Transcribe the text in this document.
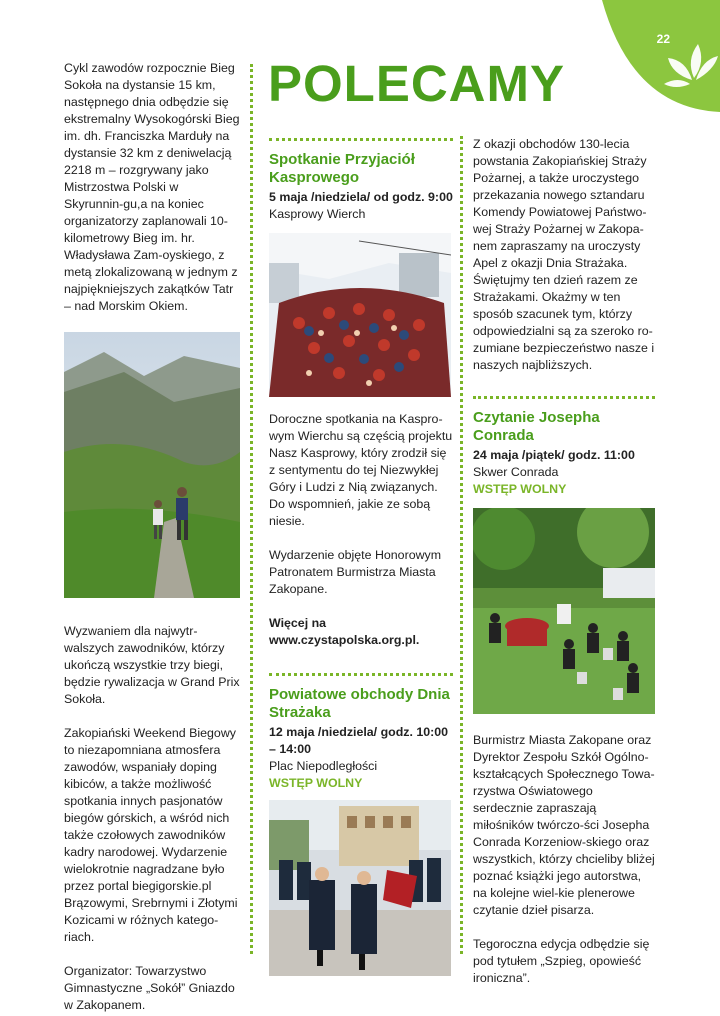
22
POLECAMY

Cykl zawodów rozpocznie Bieg Sokoła na dystansie 15 km, następnego dnia odbędzie się ekstremalny Wysokogórski Bieg im. dh. Franciszka Marduły na dystansie 32 km z deniwelacją 2218 m – rozgrywany jako Mistrzostwa Polski w Skyrunnin-gu,a na koniec organizatorzy zaplanowali 10-kilometrowy Bieg im. hr. Władysława Zam-oyskiego, z metą zlokalizowaną w jednym z najpiękniejszych zakątków Tatr – nad Morskim Okiem.

Wyzwaniem dla najwytr-walszych zawodników, którzy ukończą wszystkie trzy biegi, będzie rywalizacja w Grand Prix Sokoła.

Zakopiański Weekend Biegowy to niezapomniana atmosfera zawodów, wspaniały doping kibiców, a także możliwość spotkania innych pasjonatów biegów górskich, a wśród nich także czołowych zawodników kadry narodowej. Wydarzenie wielokrotnie nagradzane było przez portal biegigorskie.pl Brązowymi, Srebrnymi i Złotymi Kozicami w różnych katego-riach.

Organizator: Towarzystwo Gimnastyczne „Sokół” Gniazdo w Zakopanem.

Spotkanie Przyjaciół Kasprowego
5 maja /niedziela/ od godz. 9:00
Kasprowy Wierch

Doroczne spotkania na Kaspro-wym Wierchu są częścią projektu Nasz Kasprowy, który zrodził się z sentymentu do tej Niezwykłej Góry i Ludzi z Nią związanych. Do wspomnień, jakie ze sobą niesie.

Wydarzenie objęte Honorowym Patronatem Burmistrza Miasta Zakopane.

Więcej na www.czystapolska.org.pl.

Powiatowe obchody Dnia Strażaka
12 maja /niedziela/ godz. 10:00 – 14:00
Plac Niepodległości
WSTĘP WOLNY

Z okazji obchodów 130-lecia powstania Zakopiańskiej Straży Pożarnej, a także uroczystego przekazania nowego sztandaru Komendy Powiatowej Państwo-wej Straży Pożarnej w Zakopa-nem zapraszamy na uroczysty Apel z okazji Dnia Strażaka. Świętujmy ten dzień razem ze Strażakami. Okażmy w ten sposób szacunek tym, którzy odpowiedzialni są za szeroko ro-zumiane bezpieczeństwo nasze i naszych najbliższych.

Czytanie Josepha Conrada
24 maja /piątek/ godz. 11:00
Skwer Conrada
WSTĘP WOLNY

Burmistrz Miasta Zakopane oraz Dyrektor Zespołu Szkół Ogólno-kształcących Społecznego Towa-rzystwa Oświatowego serdecznie zapraszają miłośników twórczo-ści Josepha Conrada Korzeniow-skiego oraz wszystkich, którzy chcieliby bliżej poznać książki jego autorstwa, na kolejne wiel-kie plenerowe czytanie dzieł pisarza.

Tegoroczna edycja odbędzie się pod tytułem „Szpieg, opowieść ironiczna”.
